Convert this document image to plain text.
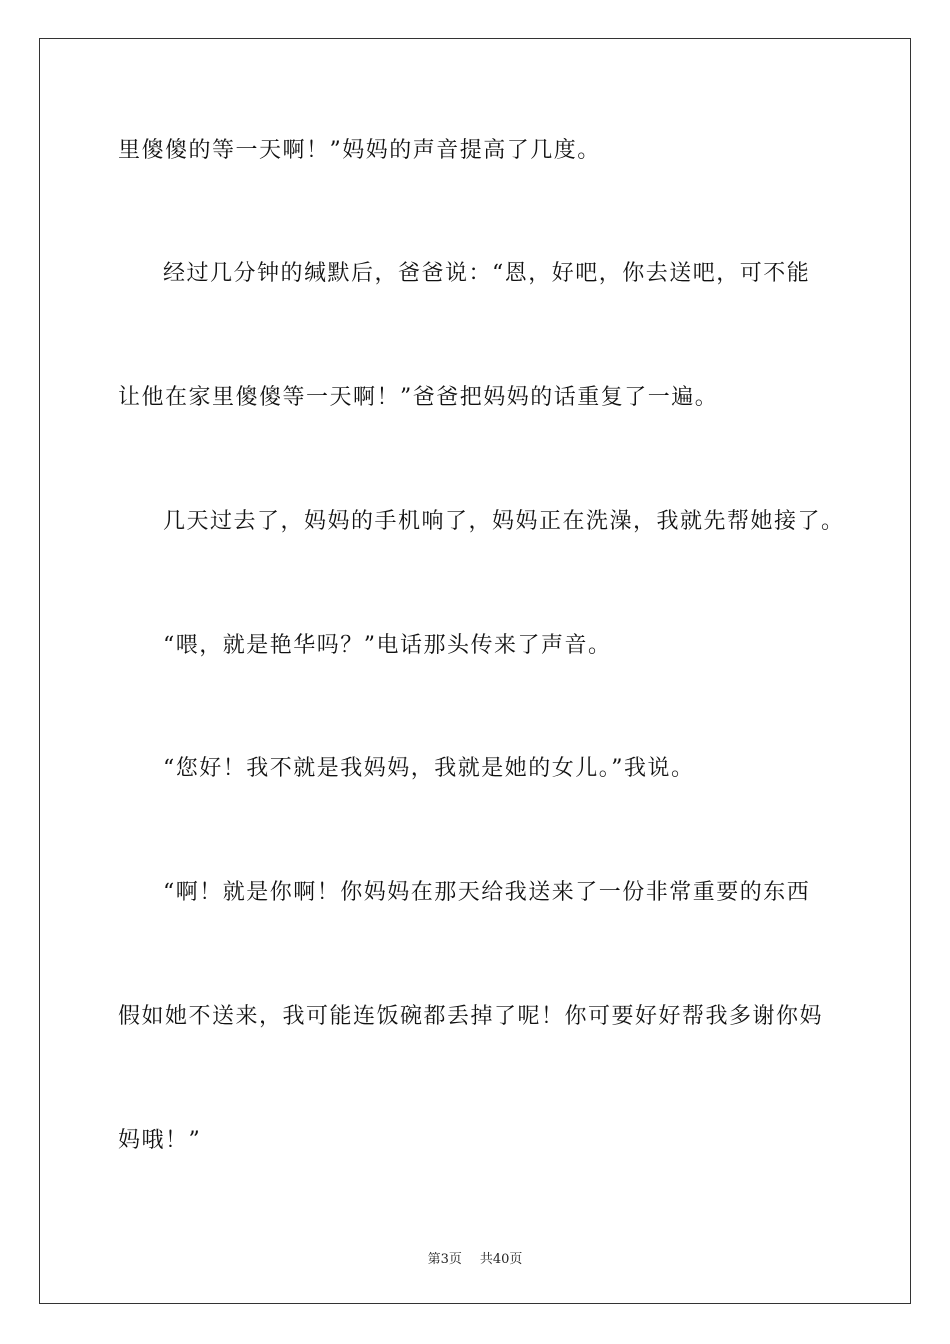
里傻傻的等一天啊！”妈妈的声音提高了几度。
经过几分钟的缄默后，爸爸说：“恩，好吧，你去送吧，可不能
让他在家里傻傻等一天啊！”爸爸把妈妈的话重复了一遍。
几天过去了，妈妈的手机响了，妈妈正在洗澡，我就先帮她接了。
“喂，就是艳华吗？”电话那头传来了声音。
“您好！我不就是我妈妈，我就是她的女儿。”我说。
“啊！就是你啊！你妈妈在那天给我送来了一份非常重要的东西
假如她不送来，我可能连饭碗都丢掉了呢！你可要好好帮我多谢你妈
妈哦！”
第3页 共40页
